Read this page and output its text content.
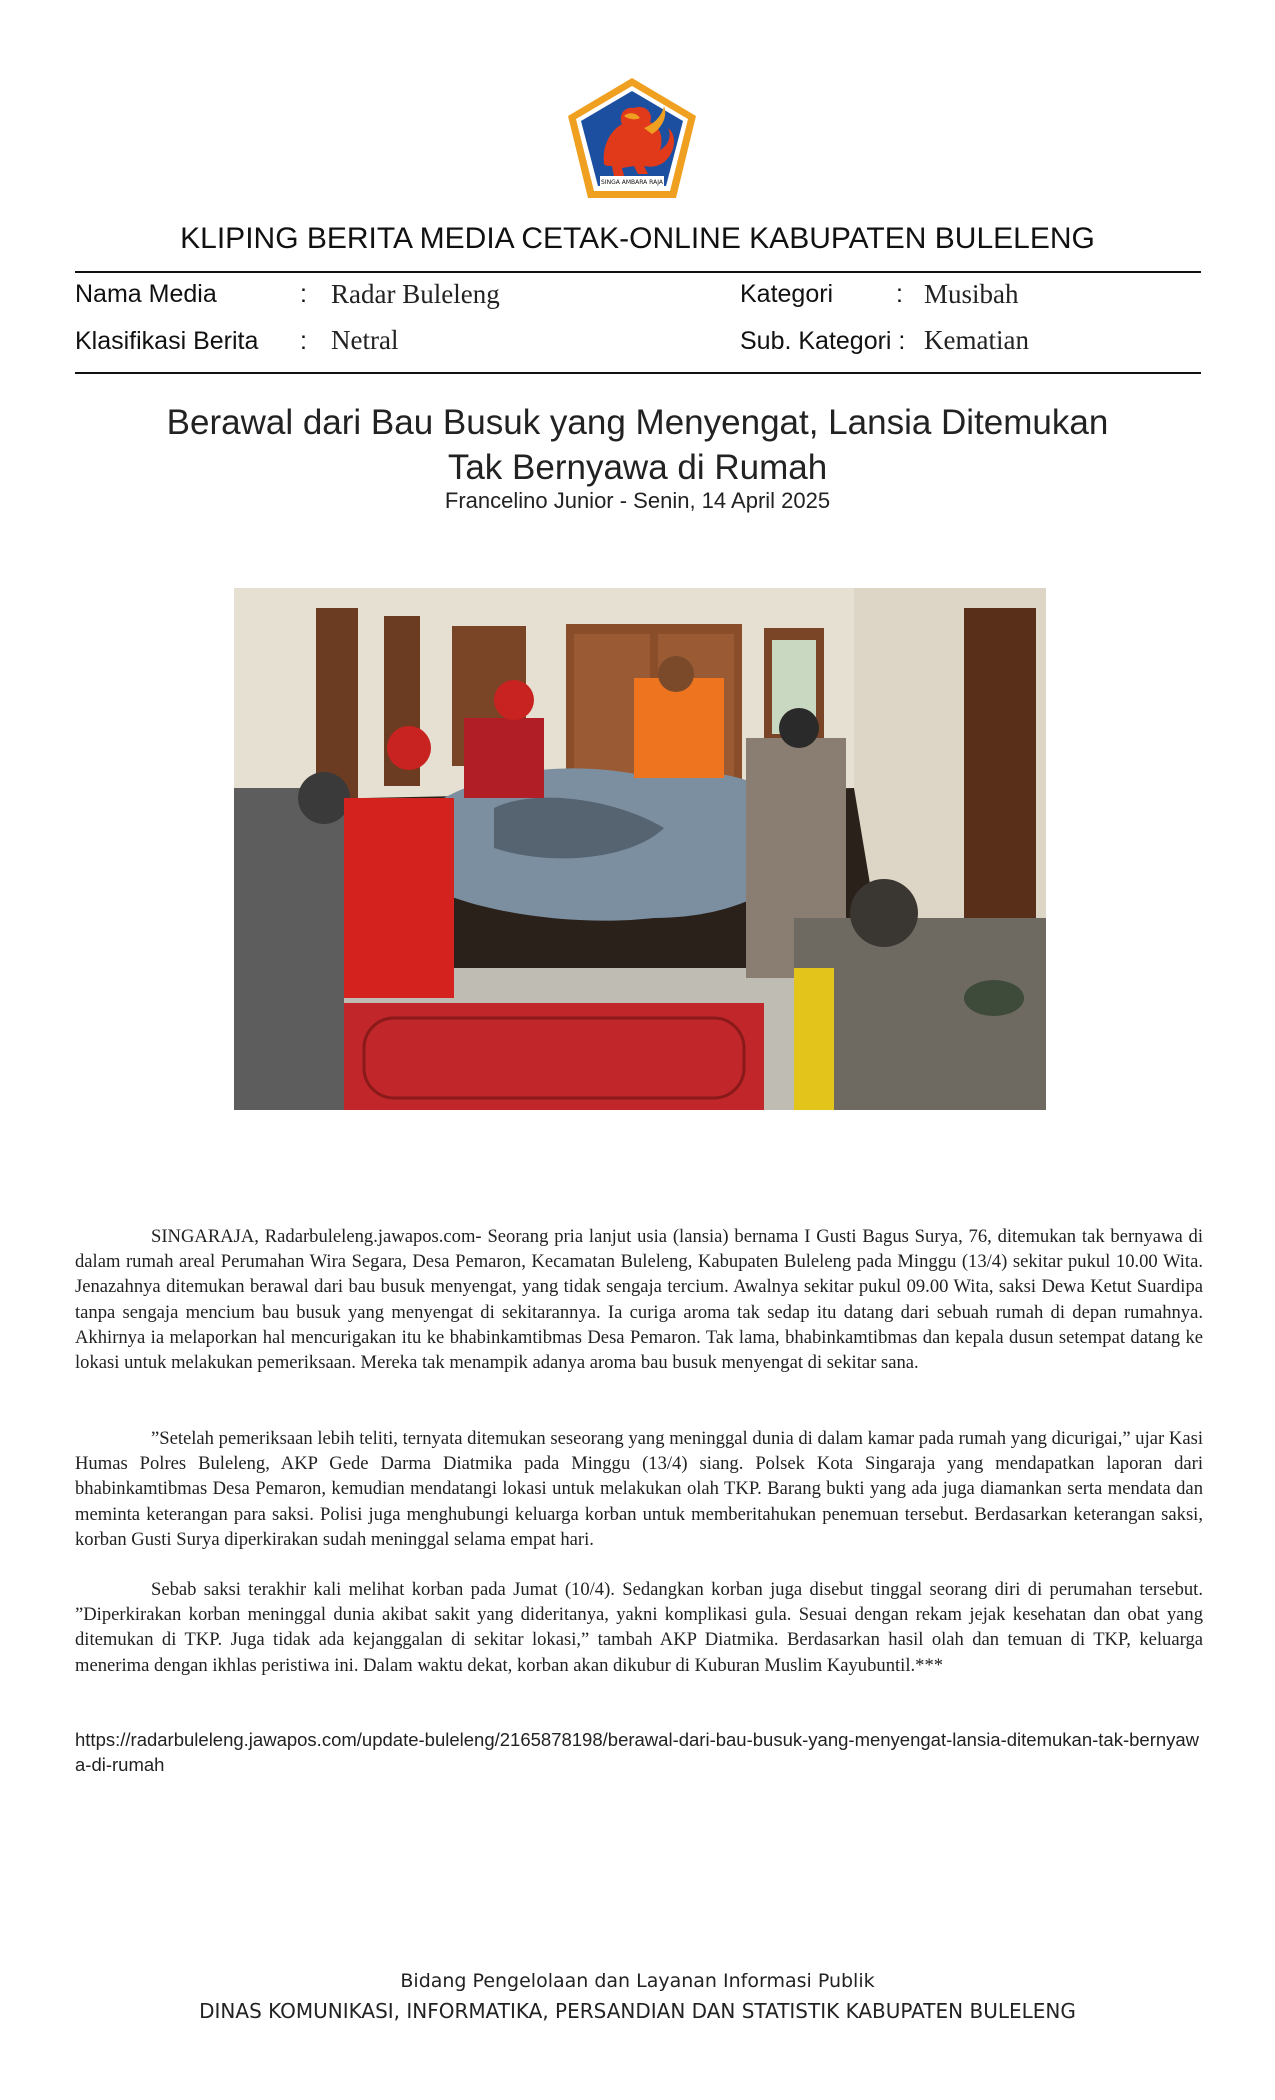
SINGA AMBARA RAJA
KLIPING BERITA MEDIA CETAK-ONLINE KABUPATEN BULELENG
Nama Media	: Radar Buleleng	Kategori	: Musibah
Klasifikasi Berita : Netral	Sub. Kategori : Kematian
Berawal dari Bau Busuk yang Menyengat, Lansia Ditemukan
Tak Bernyawa di Rumah
Francelino Junior - Senin, 14 April 2025

SINGARAJA, Radarbuleleng.jawapos.com- Seorang pria lanjut usia (lansia) bernama I Gusti Bagus Surya, 76, ditemukan tak bernyawa di dalam rumah areal Perumahan Wira Segara, Desa Pemaron, Kecamatan Buleleng, Kabupaten Buleleng pada Minggu (13/4) sekitar pukul 10.00 Wita. Jenazahnya ditemukan berawal dari bau busuk menyengat, yang tidak sengaja tercium. Awalnya sekitar pukul 09.00 Wita, saksi Dewa Ketut Suardipa tanpa sengaja mencium bau busuk yang menyengat di sekitarannya. Ia curiga aroma tak sedap itu datang dari sebuah rumah di depan rumahnya. Akhirnya ia melaporkan hal mencurigakan itu ke bhabinkamtibmas Desa Pemaron. Tak lama, bhabinkamtibmas dan kepala dusun setempat datang ke lokasi untuk melakukan pemeriksaan. Mereka tak menampik adanya aroma bau busuk menyengat di sekitar sana.

”Setelah pemeriksaan lebih teliti, ternyata ditemukan seseorang yang meninggal dunia di dalam kamar pada rumah yang dicurigai,” ujar Kasi Humas Polres Buleleng, AKP Gede Darma Diatmika pada Minggu (13/4) siang. Polsek Kota Singaraja yang mendapatkan laporan dari bhabinkamtibmas Desa Pemaron, kemudian mendatangi lokasi untuk melakukan olah TKP. Barang bukti yang ada juga diamankan serta mendata dan meminta keterangan para saksi. Polisi juga menghubungi keluarga korban untuk memberitahukan penemuan tersebut. Berdasarkan keterangan saksi, korban Gusti Surya diperkirakan sudah meninggal selama empat hari.

Sebab saksi terakhir kali melihat korban pada Jumat (10/4). Sedangkan korban juga disebut tinggal seorang diri di perumahan tersebut. ”Diperkirakan korban meninggal dunia akibat sakit yang dideritanya, yakni komplikasi gula. Sesuai dengan rekam jejak kesehatan dan obat yang ditemukan di TKP. Juga tidak ada kejanggalan di sekitar lokasi,” tambah AKP Diatmika. Berdasarkan hasil olah dan temuan di TKP, keluarga menerima dengan ikhlas peristiwa ini. Dalam waktu dekat, korban akan dikubur di Kuburan Muslim Kayubuntil.***

https://radarbuleleng.jawapos.com/update-buleleng/2165878198/berawal-dari-bau-busuk-yang-menyengat-lansia-ditemukan-tak-bernyawa-di-rumah
Bidang Pengelolaan dan Layanan Informasi Publik
DINAS KOMUNIKASI, INFORMATIKA, PERSANDIAN DAN STATISTIK KABUPATEN BULELENG
